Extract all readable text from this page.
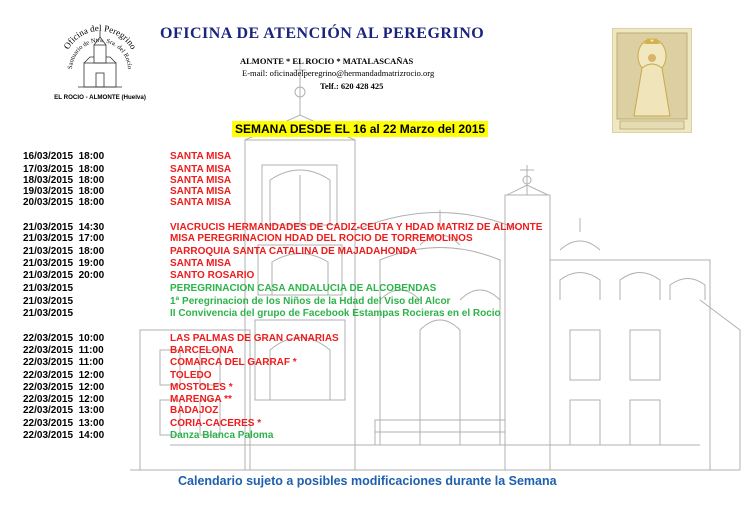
Oficina del Peregrino
Santuario de Ntra. Sra. del Rocío
EL ROCIO - ALMONTE (Huelva)
OFICINA DE ATENCIÓN AL PEREGRINO
ALMONTE * EL ROCIO * MATALASCAÑAS
E-mail: oficinadelperegrino@hermandadmatrizrocio.org
Telf.: 620 428 425
SEMANA DESDE EL 16 al 22 Marzo del 2015
16/03/2015  18:00	SANTA MISA
17/03/2015  18:00	SANTA MISA
18/03/2015  18:00	SANTA MISA
19/03/2015  18:00	SANTA MISA
20/03/2015  18:00	SANTA MISA
21/03/2015  14:30	VIACRUCIS HERMANDADES DE CADIZ-CEUTA Y HDAD MATRIZ DE ALMONTE
21/03/2015  17:00	MISA PEREGRINACION HDAD DEL ROCIO DE TORREMOLINOS
21/03/2015  18:00	PARROQUIA SANTA CATALINA DE MAJADAHONDA
21/03/2015  19:00	SANTA MISA
21/03/2015  20:00	SANTO ROSARIO
21/03/2015	PEREGRINACION CASA ANDALUCIA DE ALCOBENDAS
21/03/2015	1ª Peregrinacion de los Niños de la Hdad del Viso del Alcor
21/03/2015	II Convivencia del grupo de Facebook Estampas Rocieras en el Rocio
22/03/2015  10:00	LAS PALMAS DE GRAN CANARIAS
22/03/2015  11:00	BARCELONA
22/03/2015  11:00	COMARCA DEL GARRAF *
22/03/2015  12:00	TOLEDO
22/03/2015  12:00	MOSTOLES *
22/03/2015  12:00	MARENGA **
22/03/2015  13:00	BADAJOZ
22/03/2015  13:00	CORIA-CACERES *
22/03/2015  14:00	Danza Blanca Paloma
Calendario sujeto a posibles modificaciones durante la Semana
